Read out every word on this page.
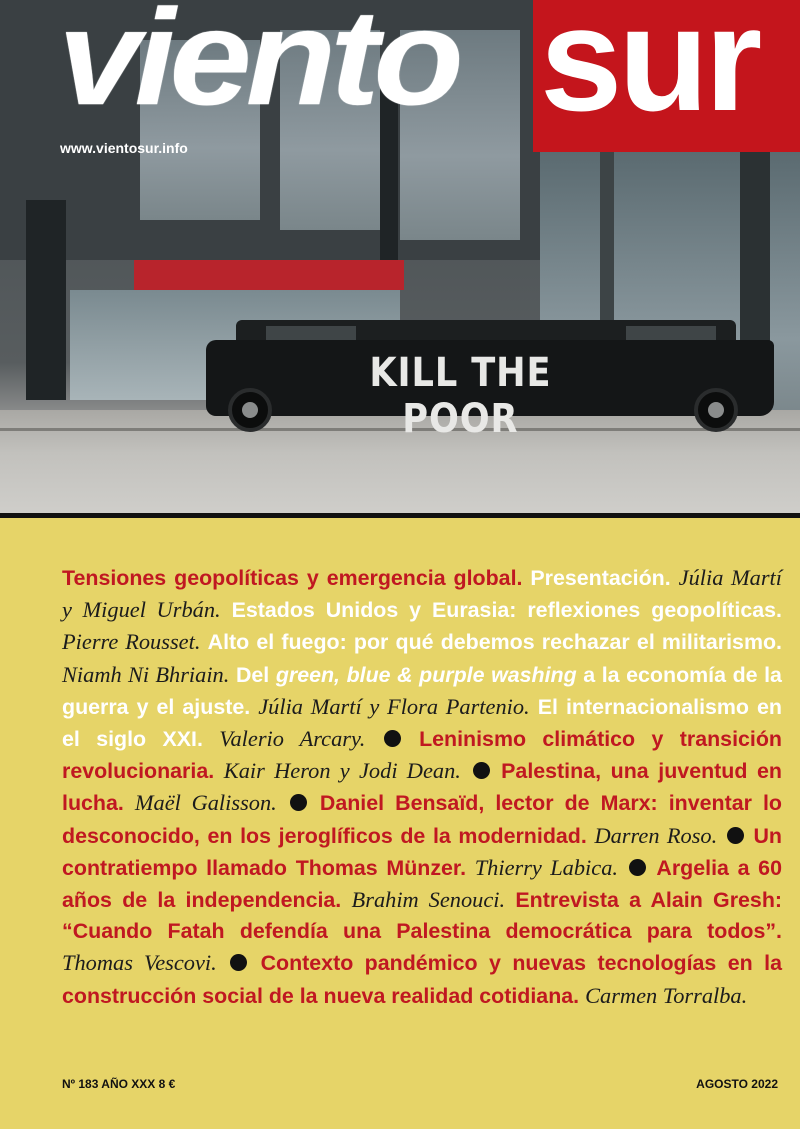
KILL THE POOR
viento sur
www.vientosur.info
Tensiones geopolíticas y emergencia global. Presentación. Júlia Martí y Miguel Urbán. Estados Unidos y Eurasia: reflexiones geopolíticas. Pierre Rousset. Alto el fuego: por qué debemos rechazar el militarismo. Niamh Ni Bhriain. Del green, blue & purple washing a la economía de la guerra y el ajuste. Júlia Martí y Flora Partenio. El internacionalismo en el siglo XXI. Valerio Arcary.	Leninismo climático y transición revolucionaria. Kair Heron y Jodi Dean. Palestina, una juventud en lucha. Maël Galisson. Daniel Bensaïd, lector de Marx: inventar lo desconocido, en los jeroglíficos de la modernidad. Darren Roso. Un contratiempo llamado Thomas Münzer. Thierry Labica. Argelia a 60 años de la independencia. Brahim Senouci. Entrevista a Alain Gresh: “Cuando Fatah defendía una Palestina democrática para todos”. Thomas Vescovi. Contexto pandémico y nuevas tecnologías en la construcción social de la nueva realidad cotidiana. Carmen Torralba.
Nº 183 AÑO XXX 8 €	AGOSTO 2022
